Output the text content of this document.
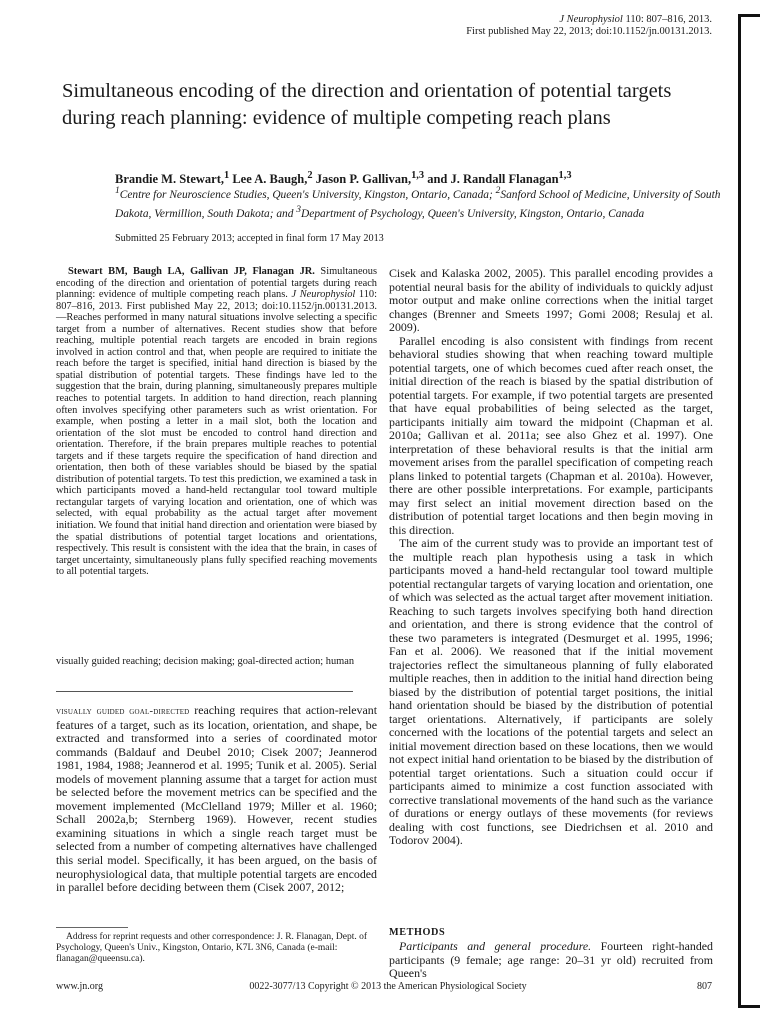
J Neurophysiol 110: 807–816, 2013.
First published May 22, 2013; doi:10.1152/jn.00131.2013.
Simultaneous encoding of the direction and orientation of potential targets during reach planning: evidence of multiple competing reach plans
Brandie M. Stewart,$^1$ Lee A. Baugh,$^2$ Jason P. Gallivan,$^{1,3}$ and J. Randall Flanagan$^{1,3}$
$^1$Centre for Neuroscience Studies, Queen's University, Kingston, Ontario, Canada; $^2$Sanford School of Medicine, University of South Dakota, Vermillion, South Dakota; and $^3$Department of Psychology, Queen's University, Kingston, Ontario, Canada
Submitted 25 February 2013; accepted in final form 17 May 2013

Stewart BM, Baugh LA, Gallivan JP, Flanagan JR. Simultaneous encoding of the direction and orientation of potential targets during reach planning: evidence of multiple competing reach plans. J Neurophysiol 110: 807–816, 2013. First published May 22, 2013; doi:10.1152/jn.00131.2013.—Reaches performed in many natural situations involve selecting a specific target from a number of alternatives. Recent studies show that before reaching, multiple potential reach targets are encoded in brain regions involved in action control and that, when people are required to initiate the reach before the target is specified, initial hand direction is biased by the spatial distribution of potential targets. These findings have led to the suggestion that the brain, during planning, simultaneously prepares multiple reaches to potential targets. In addition to hand direction, reach planning often involves specifying other parameters such as wrist orientation. For example, when posting a letter in a mail slot, both the location and orientation of the slot must be encoded to control hand direction and orientation. Therefore, if the brain prepares multiple reaches to potential targets and if these targets require the specification of hand direction and orientation, then both of these variables should be biased by the spatial distribution of potential targets. To test this prediction, we examined a task in which participants moved a hand-held rectangular tool toward multiple rectangular targets of varying location and orientation, one of which was selected, with equal probability as the actual target after movement initiation. We found that initial hand direction and orientation were biased by the spatial distributions of potential target locations and orientations, respectively. This result is consistent with the idea that the brain, in cases of target uncertainty, simultaneously plans fully specified reaching movements to all potential targets.

visually guided reaching; decision making; goal-directed action; human

visually guided goal-directed reaching requires that action-relevant features of a target, such as its location, orientation, and shape, be extracted and transformed into a series of coordinated motor commands (Baldauf and Deubel 2010; Cisek 2007; Jeannerod 1981, 1984, 1988; Jeannerod et al. 1995; Tunik et al. 2005). Serial models of movement planning assume that a target for action must be selected before the movement metrics can be specified and the movement implemented (McClelland 1979; Miller et al. 1960; Schall 2002a,b; Sternberg 1969). However, recent studies examining situations in which a single reach target must be selected from a number of competing alternatives have challenged this serial model. Specifically, it has been argued, on the basis of neurophysiological data, that multiple potential targets are encoded in parallel before deciding between them (Cisek 2007, 2012;

Address for reprint requests and other correspondence: J. R. Flanagan, Dept. of Psychology, Queen's Univ., Kingston, Ontario, K7L 3N6, Canada (e-mail: flanagan@queensu.ca).

Cisek and Kalaska 2002, 2005). This parallel encoding provides a potential neural basis for the ability of individuals to quickly adjust motor output and make online corrections when the initial target changes (Brenner and Smeets 1997; Gomi 2008; Resulaj et al. 2009).

Parallel encoding is also consistent with findings from recent behavioral studies showing that when reaching toward multiple potential targets, one of which becomes cued after reach onset, the initial direction of the reach is biased by the spatial distribution of potential targets. For example, if two potential targets are presented that have equal probabilities of being selected as the target, participants initially aim toward the midpoint (Chapman et al. 2010a; Gallivan et al. 2011a; see also Ghez et al. 1997). One interpretation of these behavioral results is that the initial arm movement arises from the parallel specification of competing reach plans linked to potential targets (Chapman et al. 2010a). However, there are other possible interpretations. For example, participants may first select an initial movement direction based on the distribution of potential target locations and then begin moving in this direction.

The aim of the current study was to provide an important test of the multiple reach plan hypothesis using a task in which participants moved a hand-held rectangular tool toward multiple potential rectangular targets of varying location and orientation, one of which was selected as the actual target after movement initiation. Reaching to such targets involves specifying both hand direction and orientation, and there is strong evidence that the control of these two parameters is integrated (Desmurget et al. 1995, 1996; Fan et al. 2006). We reasoned that if the initial movement trajectories reflect the simultaneous planning of fully elaborated multiple reaches, then in addition to the initial hand direction being biased by the distribution of potential target positions, the initial hand orientation should be biased by the distribution of potential target orientations. Alternatively, if participants are solely concerned with the locations of the potential targets and select an initial movement direction based on these locations, then we would not expect initial hand orientation to be biased by the distribution of potential target orientations. Such a situation could occur if participants aimed to minimize a cost function associated with corrective translational movements of the hand such as the variance of durations or energy outlays of these movements (for reviews dealing with cost functions, see Diedrichsen et al. 2010 and Todorov 2004).

METHODS

Participants and general procedure. Fourteen right-handed participants (9 female; age range: 20–31 yr old) recruited from Queen's

www.jn.org	0022-3077/13 Copyright © 2013 the American Physiological Society	807
